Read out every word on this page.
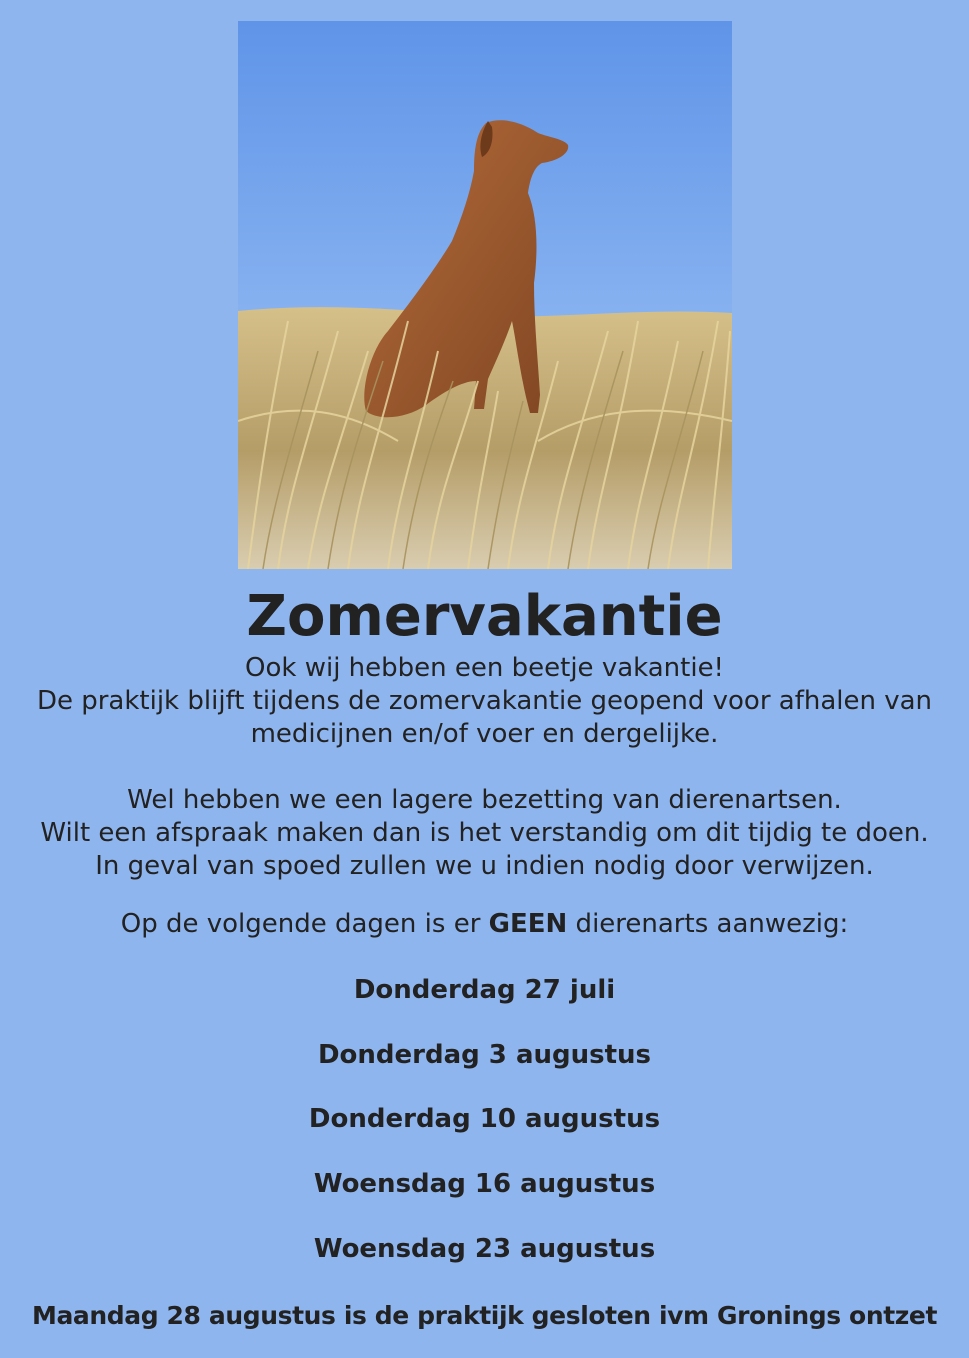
Zomervakantie
Ook wij hebben een beetje vakantie!
De praktijk blijft tijdens de zomervakantie geopend voor afhalen van
medicijnen en/of voer en dergelijke.
Wel hebben we een lagere bezetting van dierenartsen.
Wilt een afspraak maken dan is het verstandig om dit tijdig te doen.
In geval van spoed zullen we u indien nodig door verwijzen.
Op de volgende dagen is er GEEN dierenarts aanwezig:
Donderdag 27 juli
Donderdag 3 augustus
Donderdag 10 augustus
Woensdag 16 augustus
Woensdag 23 augustus
Maandag 28 augustus is de praktijk gesloten ivm Gronings ontzet
